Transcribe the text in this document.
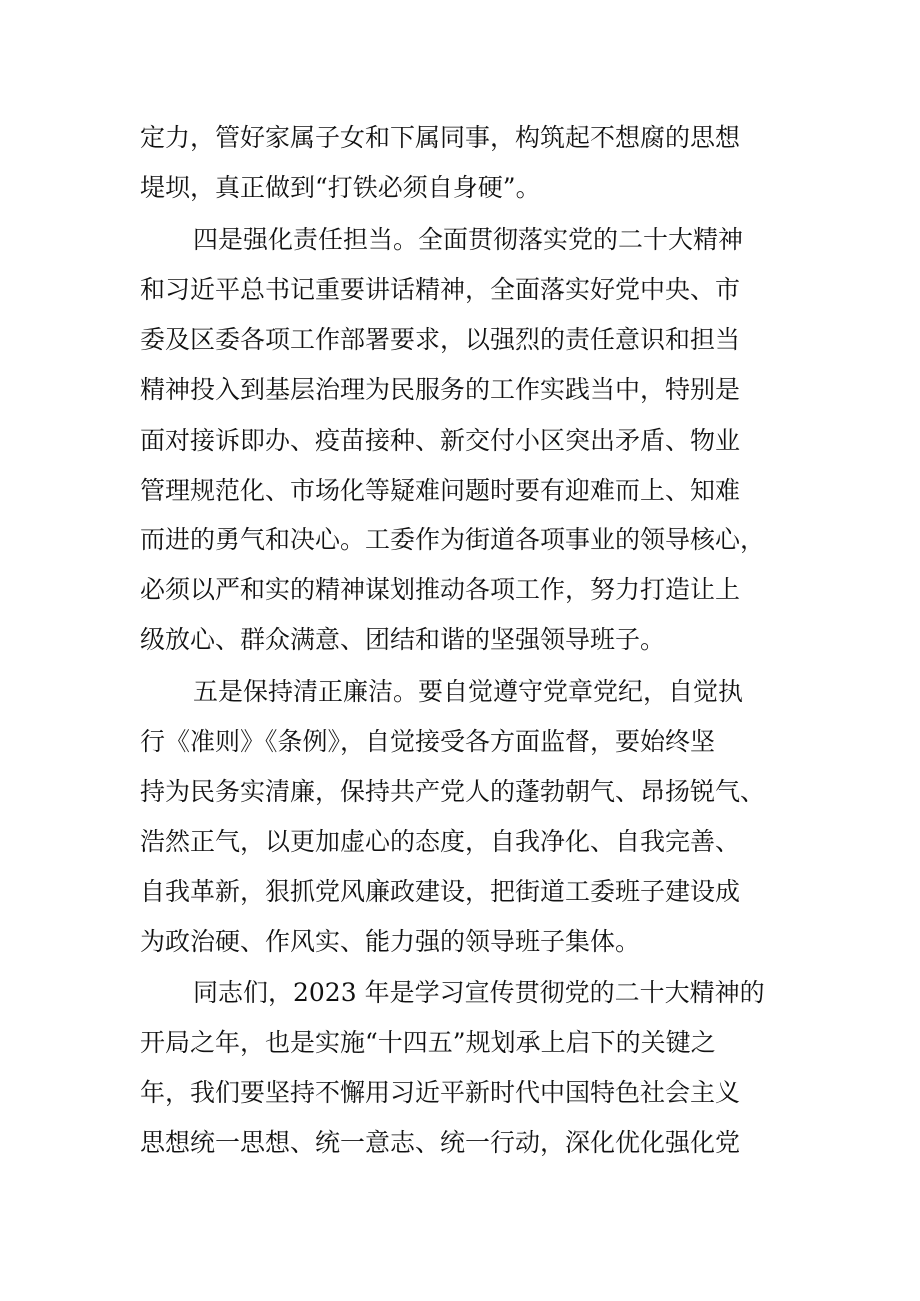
定力，管好家属子女和下属同事，构筑起不想腐的思想
堤坝，真正做到“打铁必须自身硬”。
四是强化责任担当。全面贯彻落实党的二十大精神
和习近平总书记重要讲话精神，全面落实好党中央、市
委及区委各项工作部署要求，以强烈的责任意识和担当
精神投入到基层治理为民服务的工作实践当中，特别是
面对接诉即办、疫苗接种、新交付小区突出矛盾、物业
管理规范化、市场化等疑难问题时要有迎难而上、知难
而进的勇气和决心。工委作为街道各项事业的领导核心，
必须以严和实的精神谋划推动各项工作，努力打造让上
级放心、群众满意、团结和谐的坚强领导班子。
五是保持清正廉洁。要自觉遵守党章党纪，自觉执
行《准则》《条例》，自觉接受各方面监督，要始终坚
持为民务实清廉，保持共产党人的蓬勃朝气、昂扬锐气、
浩然正气，以更加虚心的态度，自我净化、自我完善、
自我革新，狠抓党风廉政建设，把街道工委班子建设成
为政治硬、作风实、能力强的领导班子集体。
同志们，2023 年是学习宣传贯彻党的二十大精神的
开局之年，也是实施“十四五”规划承上启下的关键之
年，我们要坚持不懈用习近平新时代中国特色社会主义
思想统一思想、统一意志、统一行动，深化优化强化党
